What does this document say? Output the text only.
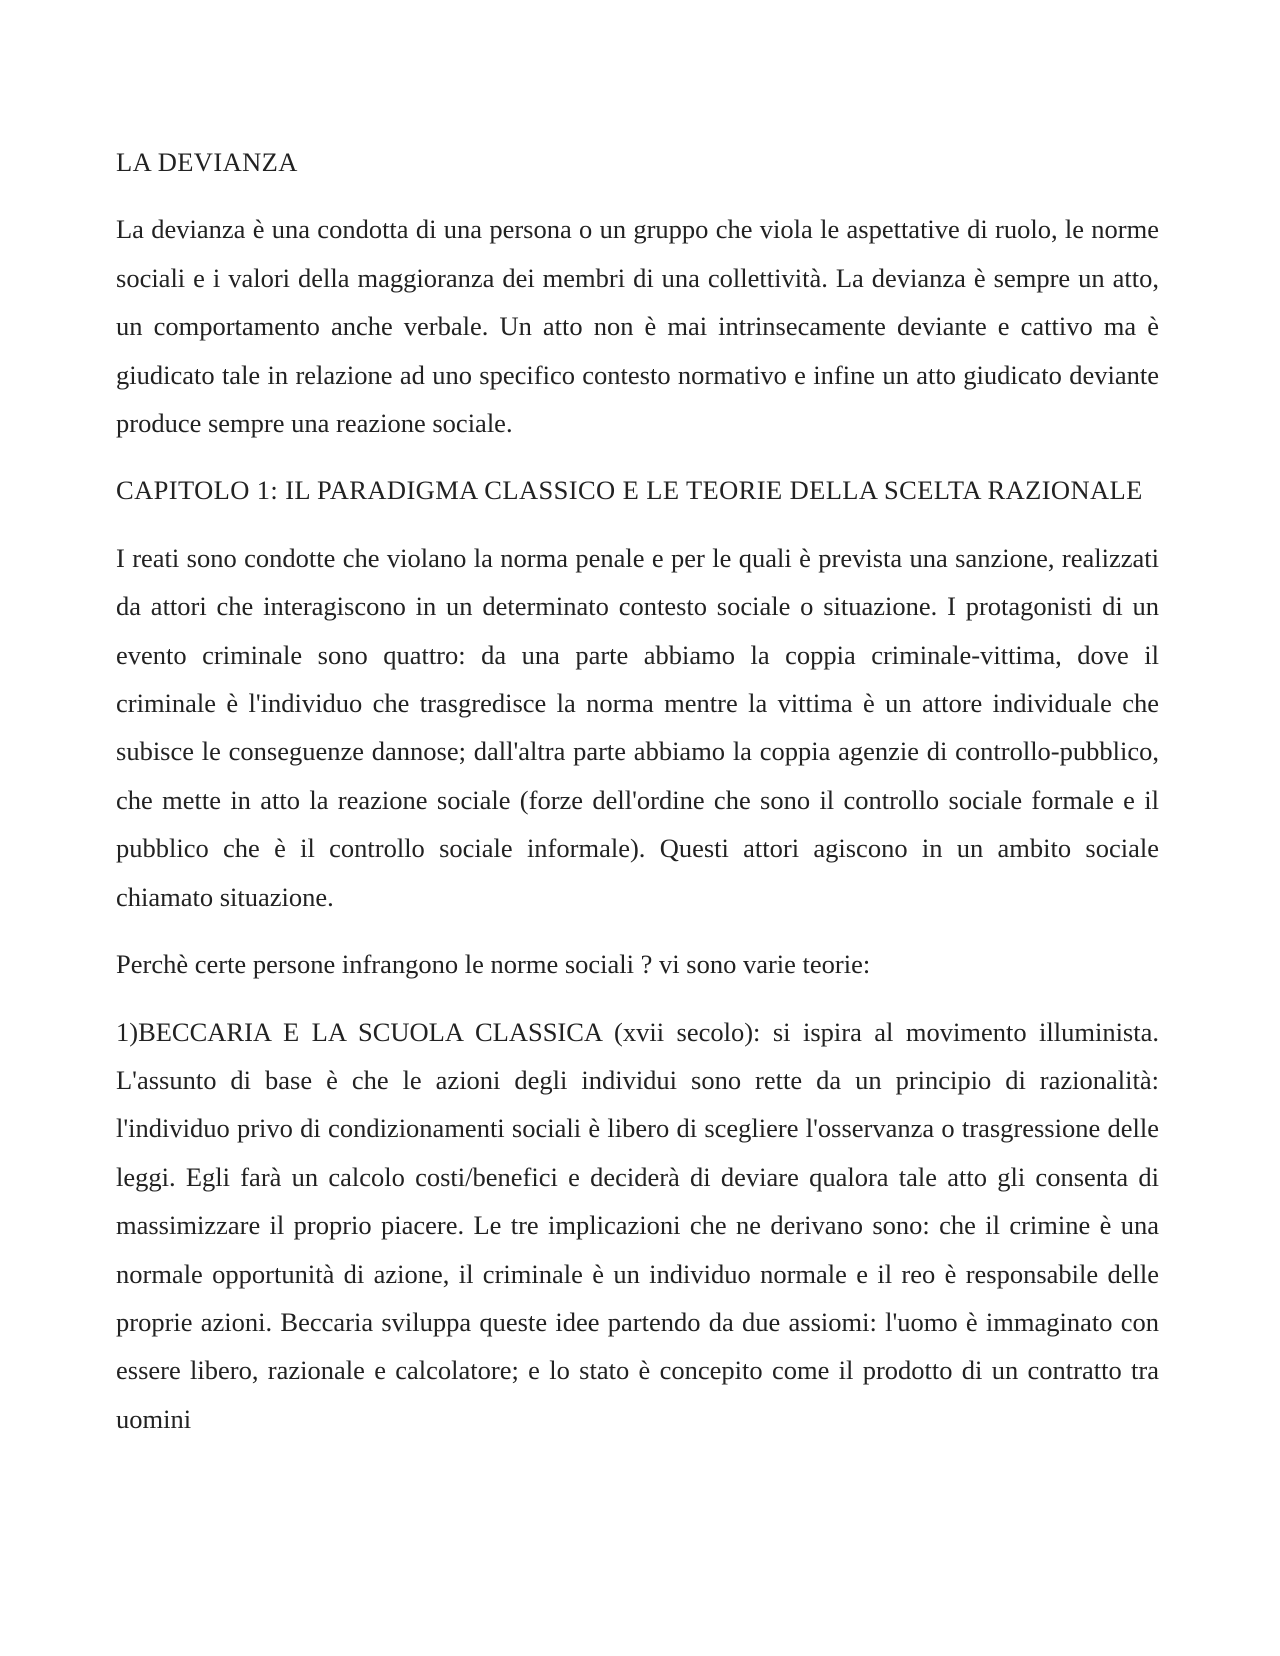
LA DEVIANZA

La devianza è una condotta di una persona o un gruppo che viola le aspettative di ruolo, le norme sociali e i valori della maggioranza dei membri di una collettività. La devianza è sempre un atto, un comportamento anche verbale. Un atto non è mai intrinsecamente deviante e cattivo ma è giudicato tale in relazione ad uno specifico contesto normativo e infine un atto giudicato deviante produce sempre una reazione sociale.

CAPITOLO 1: IL PARADIGMA CLASSICO E LE TEORIE DELLA SCELTA RAZIONALE

I reati sono condotte che violano la norma penale e per le quali è prevista una sanzione, realizzati da attori che interagiscono in un determinato contesto sociale o situazione. I protagonisti di un evento criminale sono quattro: da una parte abbiamo la coppia criminale-vittima, dove il criminale è l'individuo che trasgredisce la norma mentre la vittima è un attore individuale che subisce le conseguenze dannose; dall'altra parte abbiamo la coppia agenzie di controllo-pubblico, che mette in atto la reazione sociale (forze dell'ordine che sono il controllo sociale formale e il pubblico che è il controllo sociale informale). Questi attori agiscono in un ambito sociale chiamato situazione.

Perchè certe persone infrangono le norme sociali ? vi sono varie teorie:

1)BECCARIA E LA SCUOLA CLASSICA (xvii secolo): si ispira al movimento illuminista. L'assunto di base è che le azioni degli individui sono rette da un principio di razionalità: l'individuo privo di condizionamenti sociali è libero di scegliere l'osservanza o trasgressione delle leggi. Egli farà un calcolo costi/benefici e deciderà di deviare qualora tale atto gli consenta di massimizzare il proprio piacere. Le tre implicazioni che ne derivano sono: che il crimine è una normale opportunità di azione, il criminale è un individuo normale e il reo è responsabile delle proprie azioni. Beccaria sviluppa queste idee partendo da due assiomi: l'uomo è immaginato con essere libero, razionale e calcolatore; e lo stato è concepito come il prodotto di un contratto tra uomini
